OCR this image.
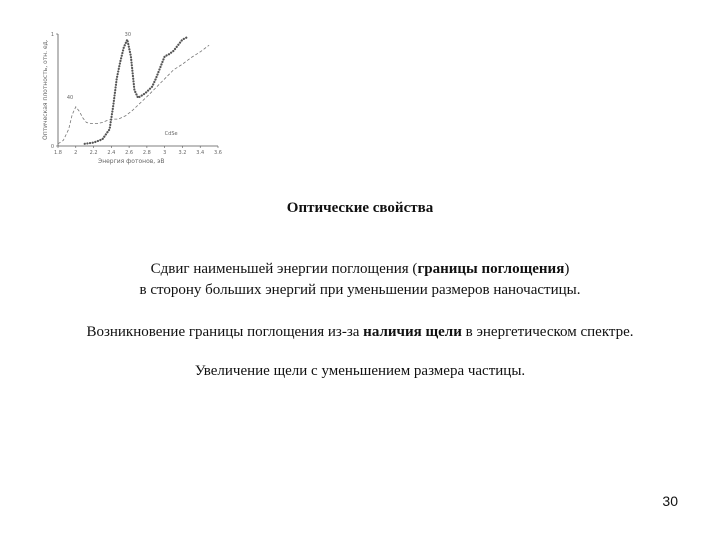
1.8 2 2.2 2.4 2.6 2.8 3 3.2 3.4 3.6
0
1
40
30
CdSe
Оптическая плотность, отн. ед.
Энергия фотонов, эВ
Оптические свойства
Сдвиг наименьшей энергии поглощения (границы поглощения)
в сторону больших энергий при уменьшении размеров наночастицы.
Возникновение границы поглощения из-за наличия щели в энергетическом спектре.
Увеличение щели с уменьшением размера частицы.
30
